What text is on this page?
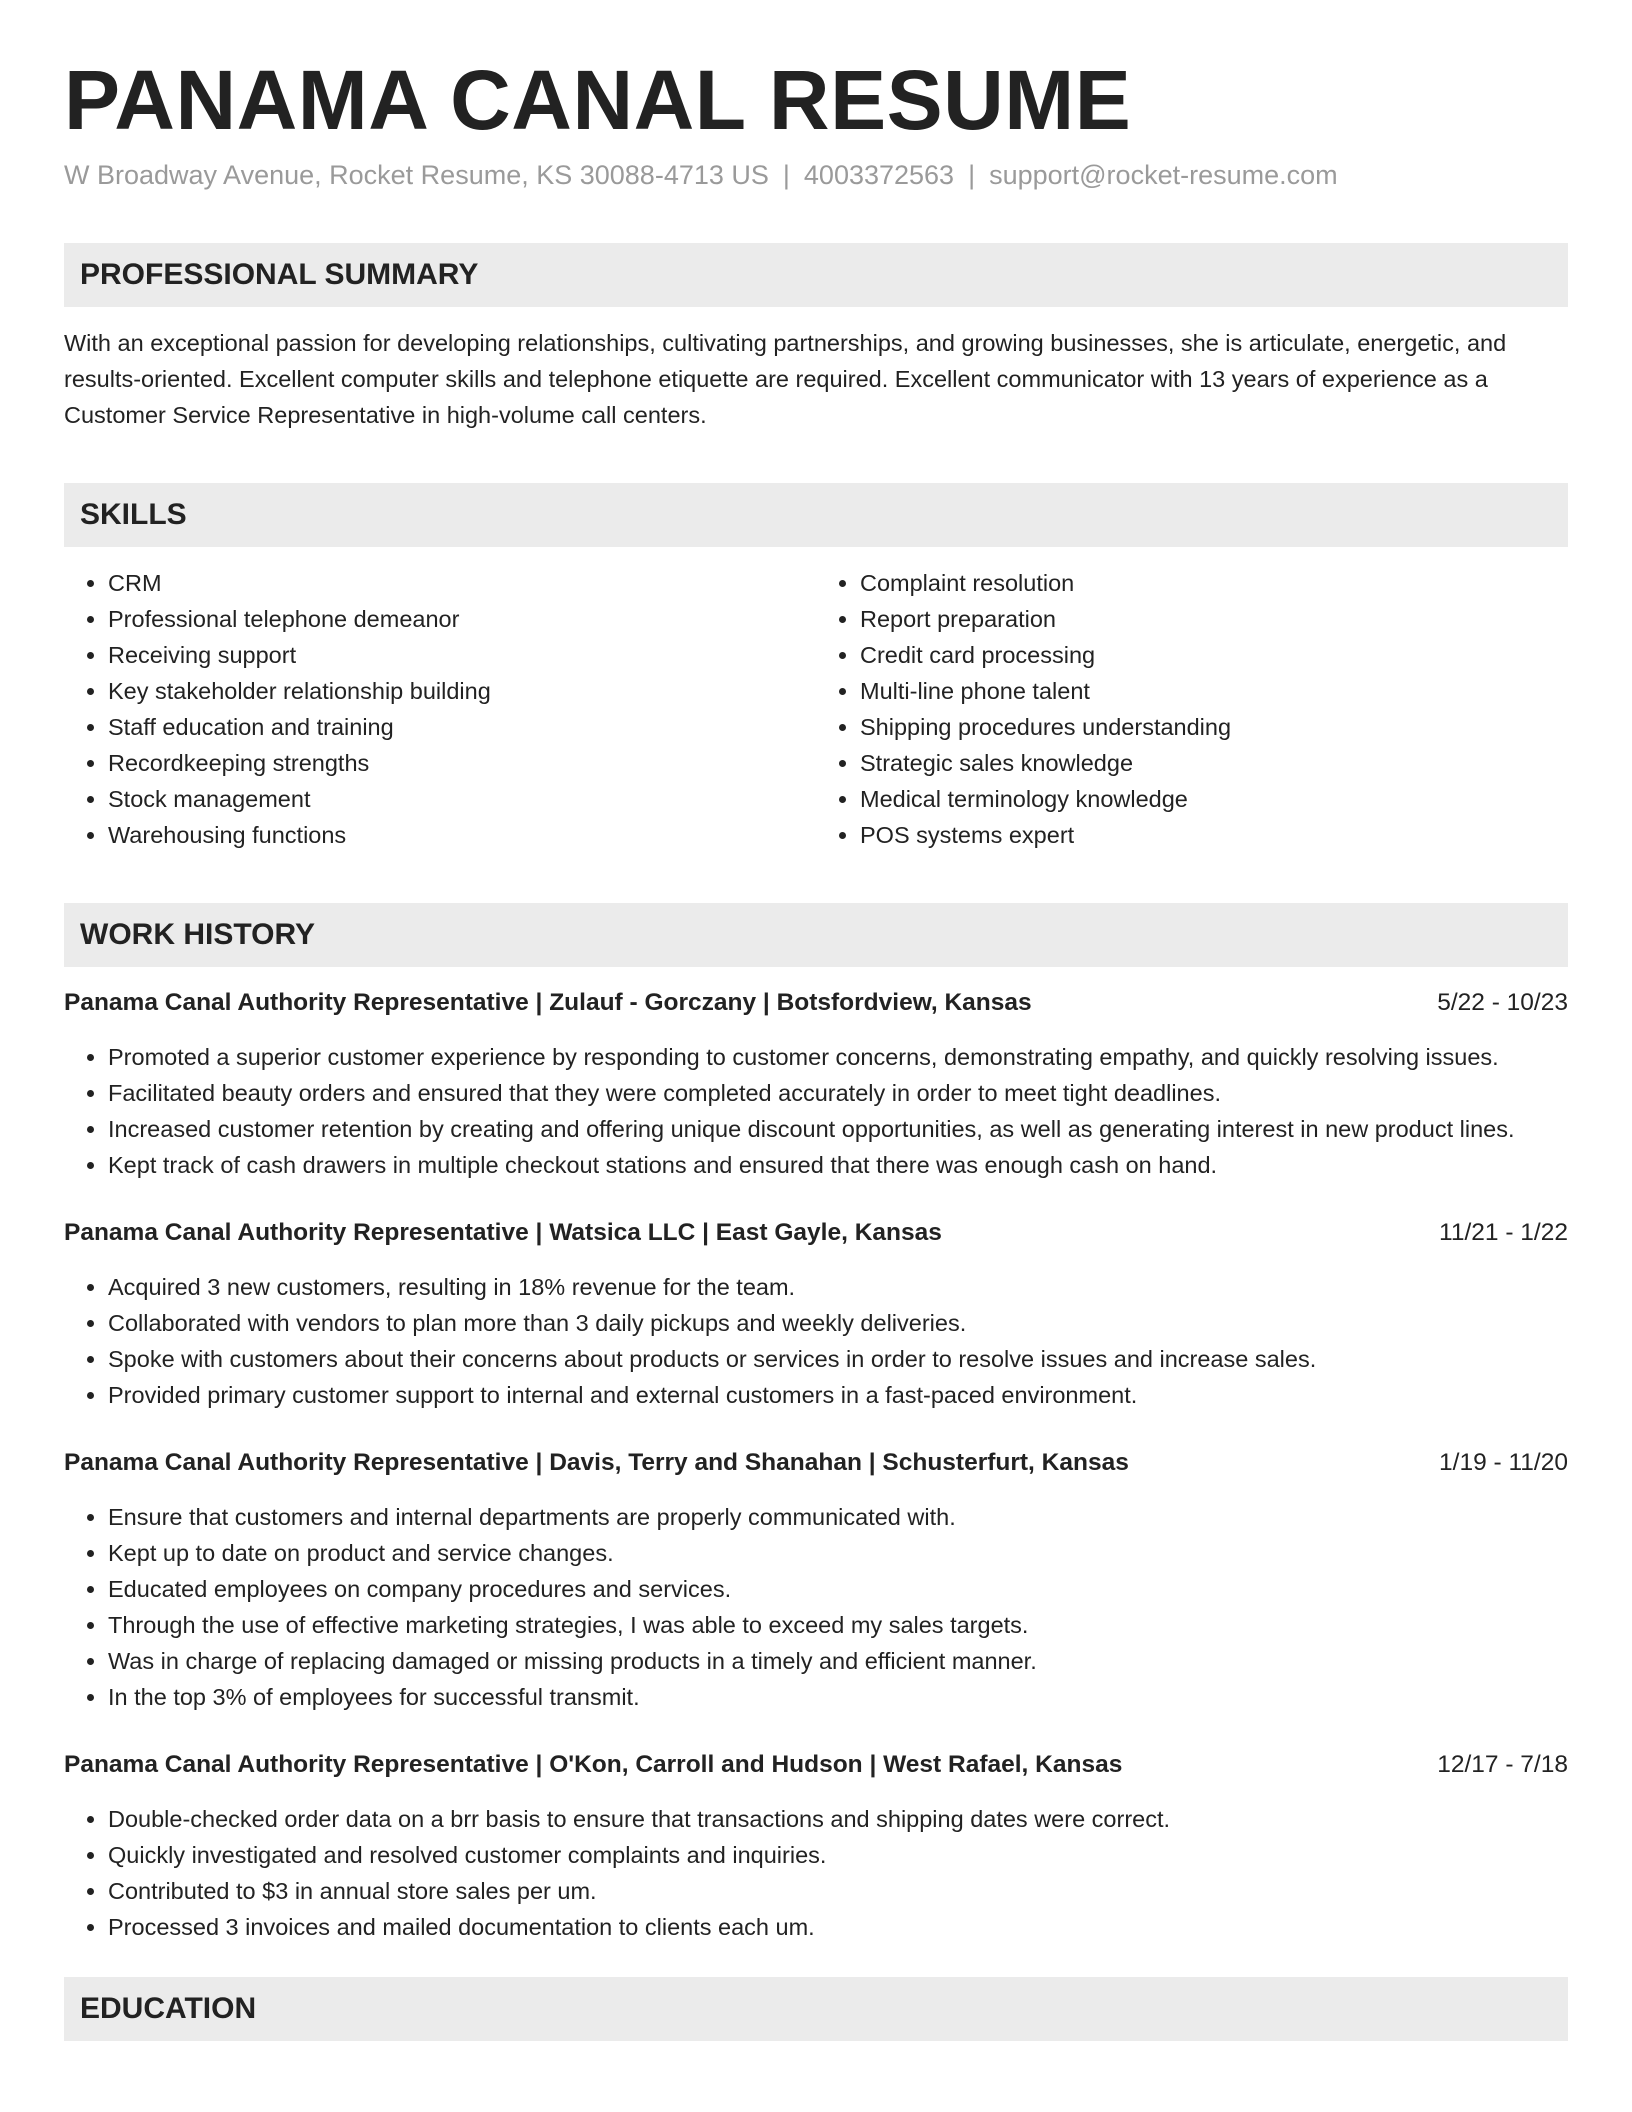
PANAMA CANAL RESUME
W Broadway Avenue, Rocket Resume, KS 30088-4713 US | 4003372563 | support@rocket-resume.com
PROFESSIONAL SUMMARY
With an exceptional passion for developing relationships, cultivating partnerships, and growing businesses, she is articulate, energetic, and results-oriented. Excellent computer skills and telephone etiquette are required. Excellent communicator with 13 years of experience as a Customer Service Representative in high-volume call centers.
SKILLS
• CRM
• Professional telephone demeanor
• Receiving support
• Key stakeholder relationship building
• Staff education and training
• Recordkeeping strengths
• Stock management
• Warehousing functions
• Complaint resolution
• Report preparation
• Credit card processing
• Multi-line phone talent
• Shipping procedures understanding
• Strategic sales knowledge
• Medical terminology knowledge
• POS systems expert
WORK HISTORY
Panama Canal Authority Representative | Zulauf - Gorczany | Botsfordview, Kansas	5/22 - 10/23
• Promoted a superior customer experience by responding to customer concerns, demonstrating empathy, and quickly resolving issues.
• Facilitated beauty orders and ensured that they were completed accurately in order to meet tight deadlines.
• Increased customer retention by creating and offering unique discount opportunities, as well as generating interest in new product lines.
• Kept track of cash drawers in multiple checkout stations and ensured that there was enough cash on hand.
Panama Canal Authority Representative | Watsica LLC | East Gayle, Kansas	11/21 - 1/22
• Acquired 3 new customers, resulting in 18% revenue for the team.
• Collaborated with vendors to plan more than 3 daily pickups and weekly deliveries.
• Spoke with customers about their concerns about products or services in order to resolve issues and increase sales.
• Provided primary customer support to internal and external customers in a fast-paced environment.
Panama Canal Authority Representative | Davis, Terry and Shanahan | Schusterfurt, Kansas	1/19 - 11/20
• Ensure that customers and internal departments are properly communicated with.
• Kept up to date on product and service changes.
• Educated employees on company procedures and services.
• Through the use of effective marketing strategies, I was able to exceed my sales targets.
• Was in charge of replacing damaged or missing products in a timely and efficient manner.
• In the top 3% of employees for successful transmit.
Panama Canal Authority Representative | O'Kon, Carroll and Hudson | West Rafael, Kansas	12/17 - 7/18
• Double-checked order data on a brr basis to ensure that transactions and shipping dates were correct.
• Quickly investigated and resolved customer complaints and inquiries.
• Contributed to $3 in annual store sales per um.
• Processed 3 invoices and mailed documentation to clients each um.
EDUCATION
